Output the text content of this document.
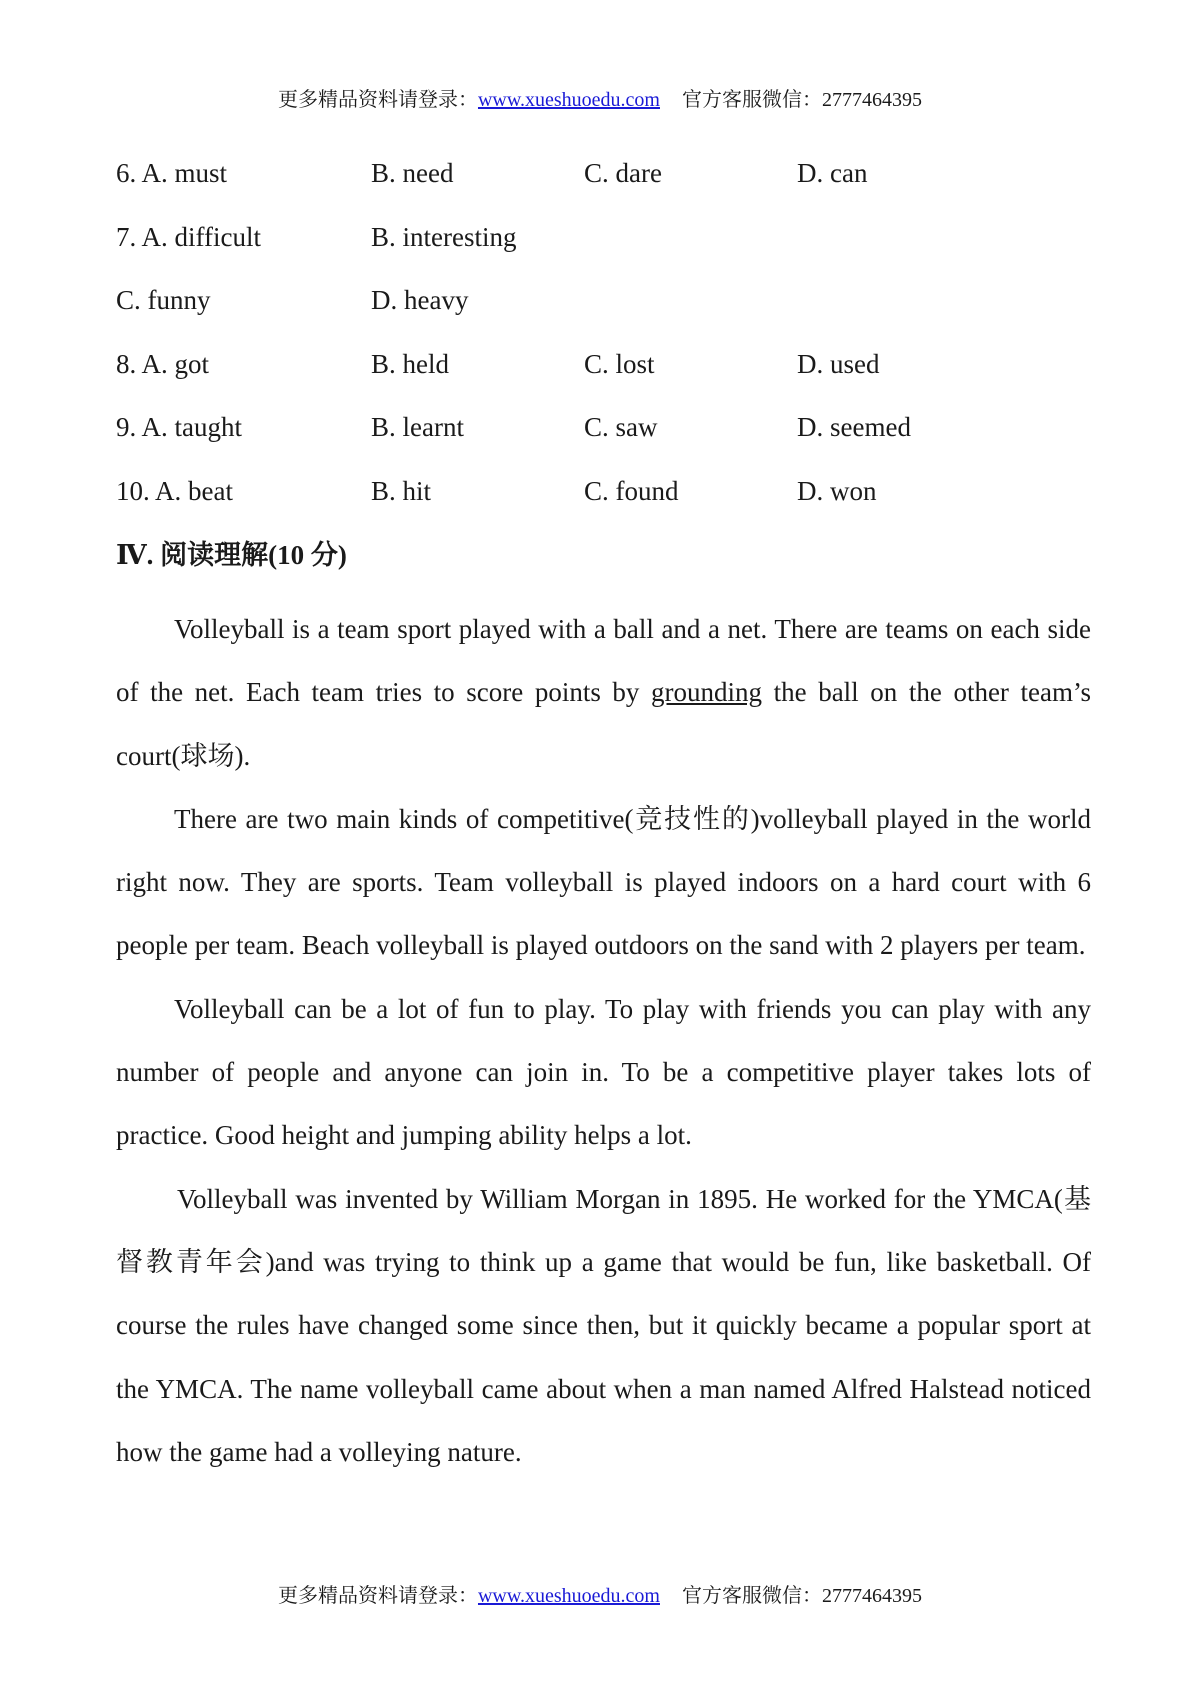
更多精品资料请登录：www.xueshuoedu.com 官方客服微信：2777464395
6. A. must	B. need	C. dare	D. can
7. A. difficult	B. interesting
C. funny	D. heavy
8. A. got	B. held	C. lost	D. used
9. A. taught	B. learnt	C. saw	D. seemed
10. A. beat	B. hit	C. found	D. won
Ⅳ. 阅读理解(10 分)

Volleyball is a team sport played with a ball and a net. There are teams on each side of the net. Each team tries to score points by grounding the ball on the other team’s court(球场).

There are two main kinds of competitive(竞技性的)volleyball played in the world right now. They are sports. Team volleyball is played indoors on a hard court with 6 people per team. Beach volleyball is played outdoors on the sand with 2 players per team.

Volleyball can be a lot of fun to play. To play with friends you can play with any number of people and anyone can join in. To be a competitive player takes lots of practice. Good height and jumping ability helps a lot.

Volleyball was invented by William Morgan in 1895. He worked for the YMCA(基督教青年会)and was trying to think up a game that would be fun, like basketball. Of course the rules have changed some since then, but it quickly became a popular sport at the YMCA. The name volleyball came about when a man named Alfred Halstead noticed how the game had a volleying nature.

更多精品资料请登录：www.xueshuoedu.com 官方客服微信：2777464395
